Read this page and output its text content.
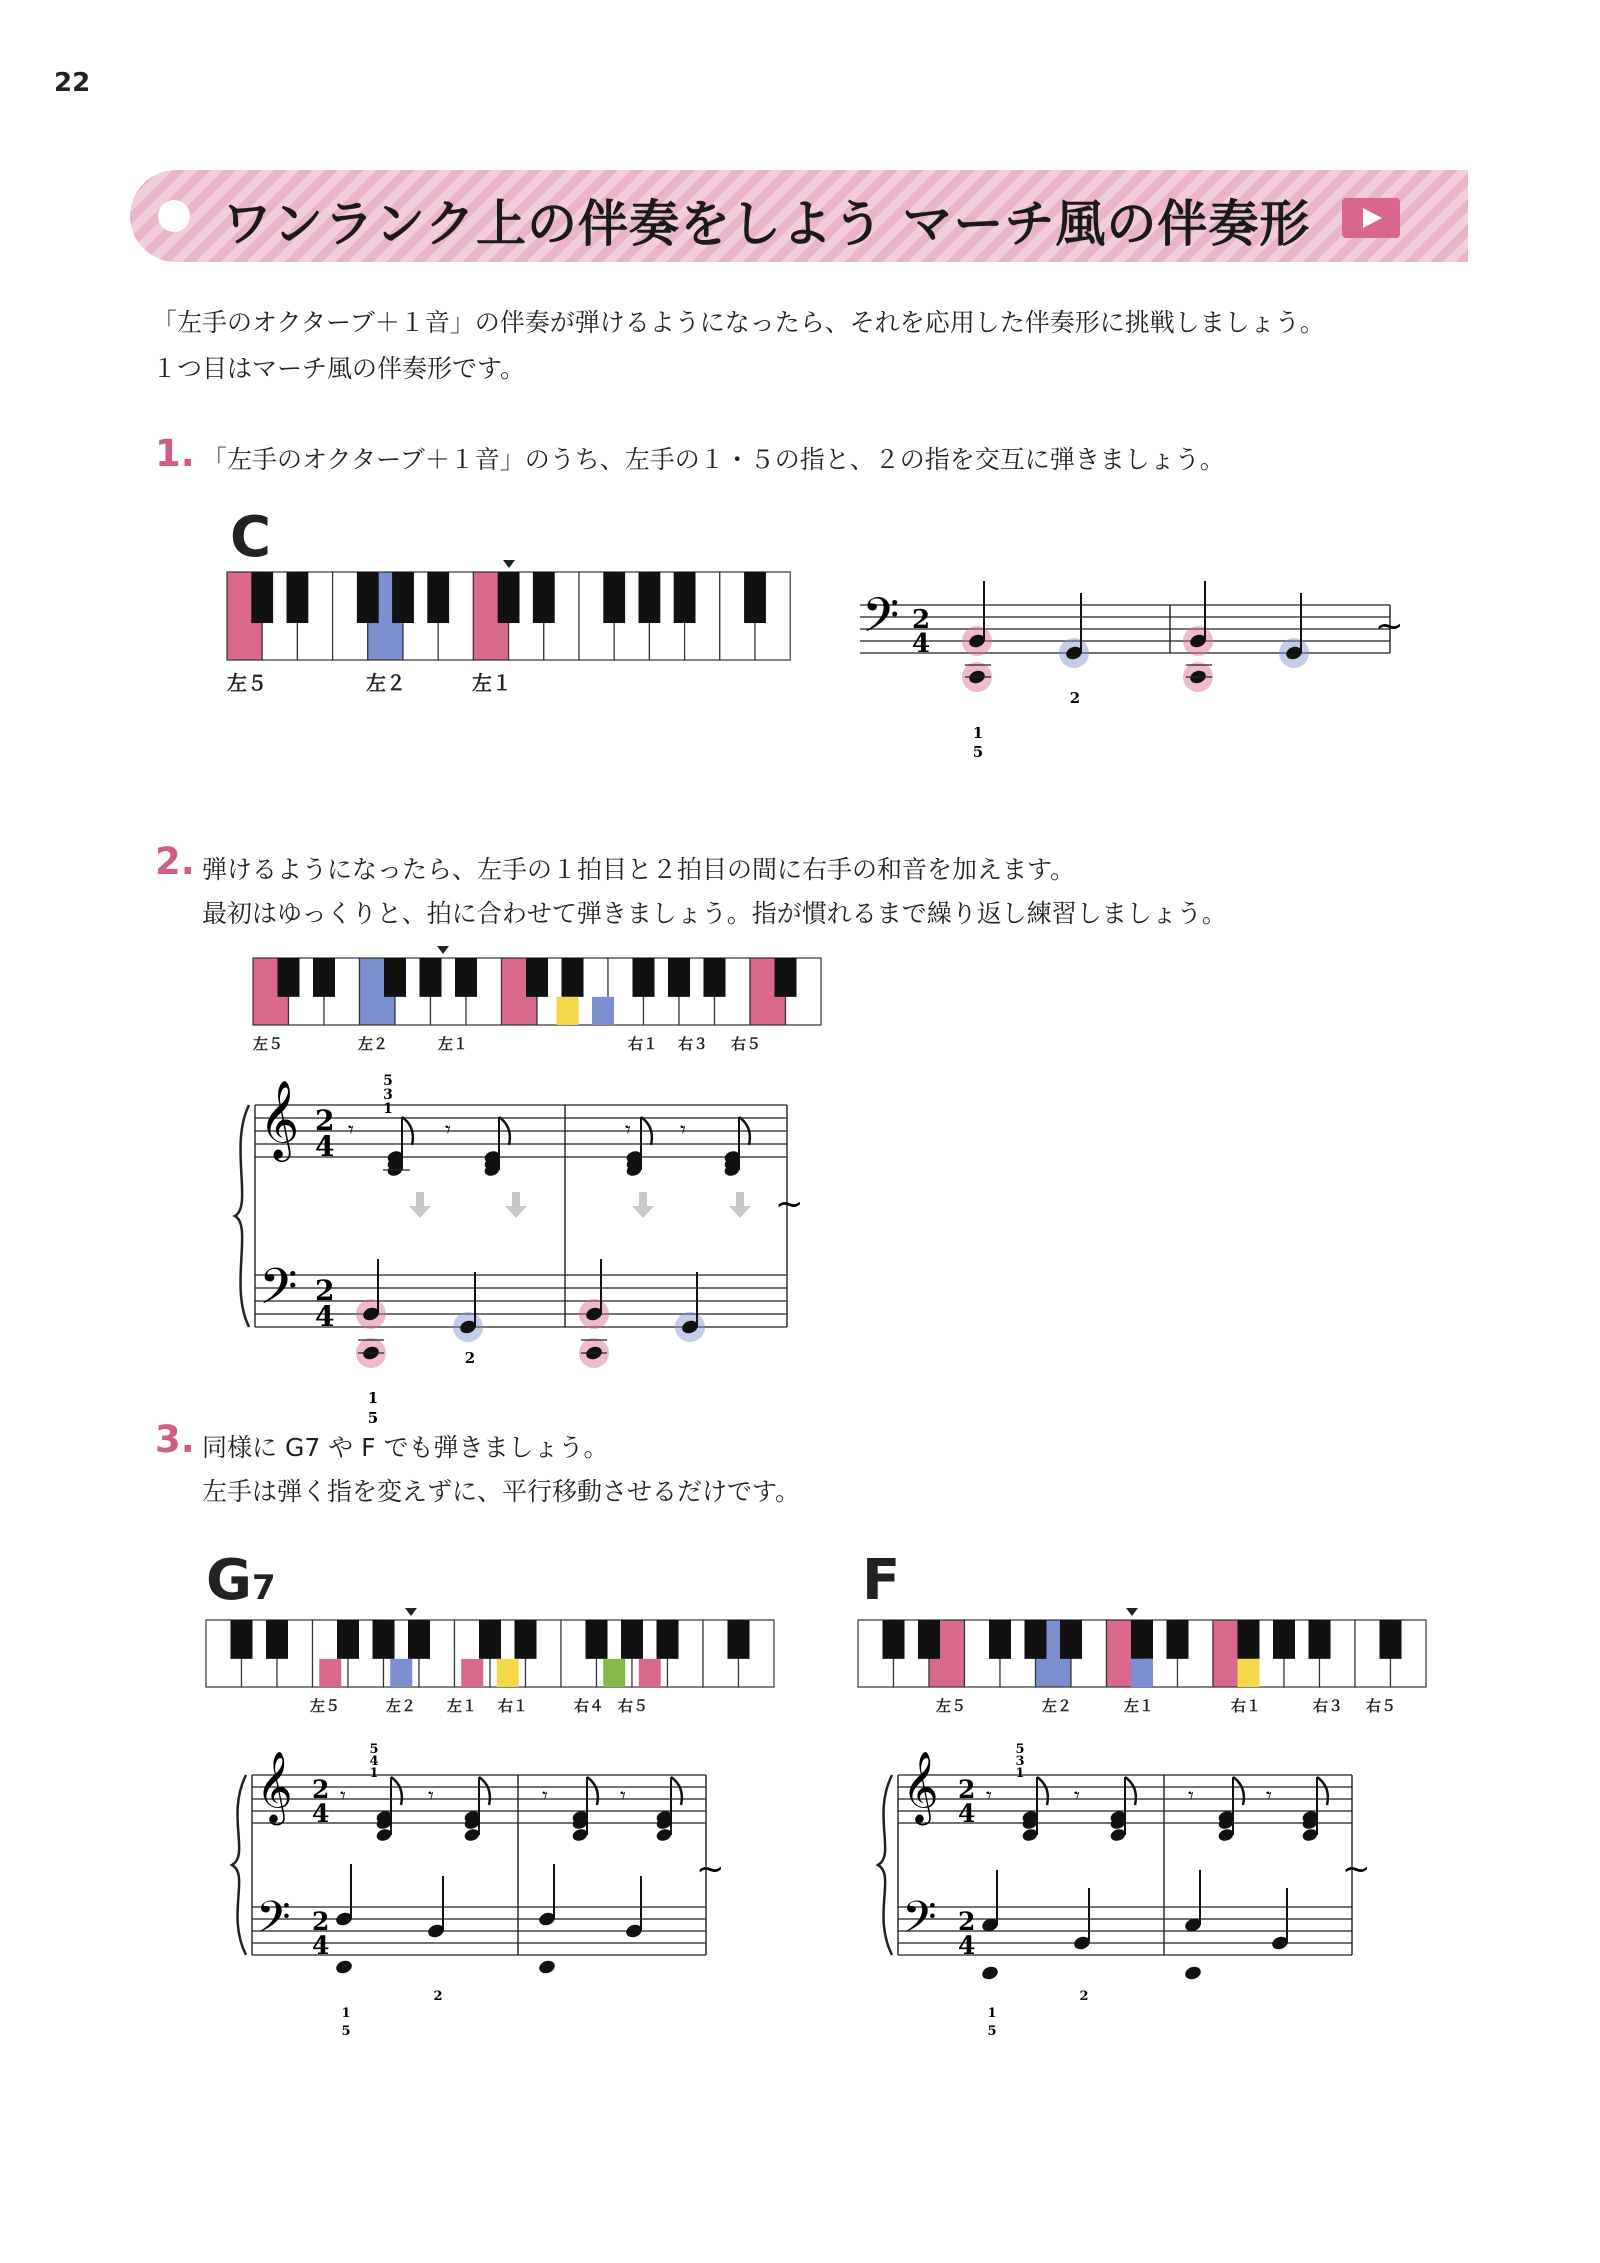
22
ワンランク上の伴奏をしよう マーチ風の伴奏形
「左手のオクターブ＋１音」の伴奏が弾けるようになったら、それを応用した伴奏形に挑戦しましょう。
１つ目はマーチ風の伴奏形です。
1. 「左手のオクターブ＋１音」のうち、左手の１・５の指と、２の指を交互に弾きましょう。
C
左５	左２	左１
𝄢 2
4
1
5
2
~
2. 弾けるようになったら、左手の１拍目と２拍目の間に右手の和音を加えます。
最初はゆっくりと、拍に合わせて弾きましょう。指が慣れるまで繰り返し練習しましょう。
左５	左２	左１	右１ 右３ 右５
𝄞
𝄢
2
4
2
4
𝄾	𝄾	𝄾 𝄾
5
3
1
1
5
2
~
3. 同様に G7 や F でも弾きましょう。
左手は弾く指を変えずに、平行移動させるだけです。
G7	F
左５	左２ 左１ 右１	右４ 右５	左５	左２	左１	右１	右３ 右５
𝄞
𝄢
2
4
2
4
𝄾	𝄾	𝄾	𝄾
5
4
1
1
5
2
~
𝄞
𝄢
2
4
2
4
𝄾	𝄾	𝄾	𝄾
5
3
1
1
5
2
~
